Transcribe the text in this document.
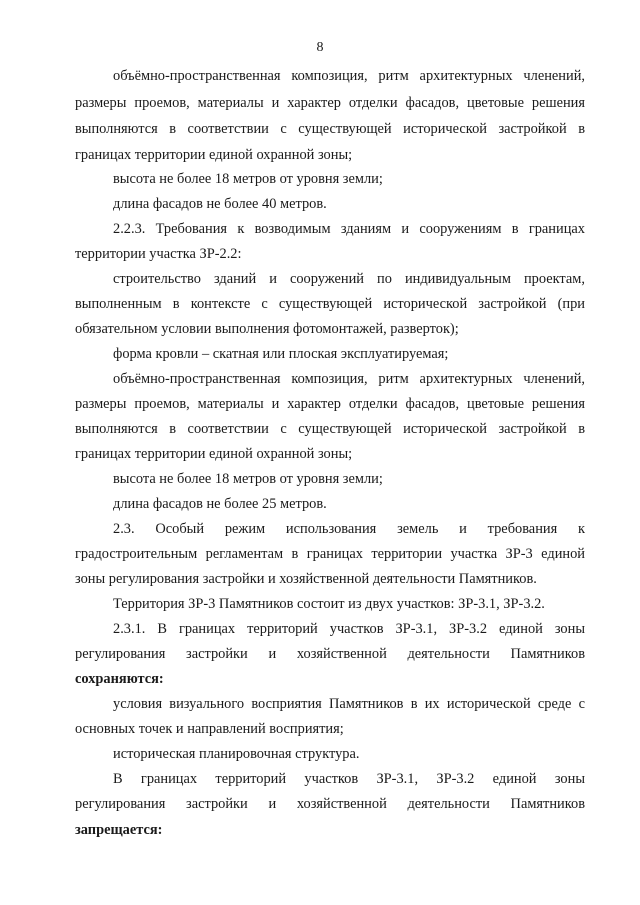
8
объёмно-пространственная композиция, ритм архитектурных членений,
размеры проемов, материалы и характер отделки фасадов, цветовые решения
выполняются в соответствии с существующей исторической застройкой в
границах территории единой охранной зоны;
высота не более 18 метров от уровня земли;
длина фасадов не более 40 метров.
2.2.3. Требования к возводимым зданиям и сооружениям в границах
территории участка ЗР-2.2:
строительство зданий и сооружений по индивидуальным проектам,
выполненным в контексте с существующей исторической застройкой (при
обязательном условии выполнения фотомонтажей, разверток);
форма кровли – скатная или плоская эксплуатируемая;
объёмно-пространственная композиция, ритм архитектурных членений,
размеры проемов, материалы и характер отделки фасадов, цветовые решения
выполняются в соответствии с существующей исторической застройкой в
границах территории единой охранной зоны;
высота не более 18 метров от уровня земли;
длина фасадов не более 25 метров.
2.3. Особый режим использования земель и требования к
градостроительным регламентам в границах территории участка ЗР-3 единой
зоны регулирования застройки и хозяйственной деятельности Памятников.
Территория ЗР-3 Памятников состоит из двух участков: ЗР-3.1, ЗР-3.2.
2.3.1. В границах территорий участков ЗР-3.1, ЗР-3.2 единой зоны
регулирования застройки и хозяйственной деятельности Памятников
сохраняются:
условия визуального восприятия Памятников в их исторической среде с
основных точек и направлений восприятия;
историческая планировочная структура.
В границах территорий участков ЗР-3.1, ЗР-3.2 единой зоны
регулирования застройки и хозяйственной деятельности Памятников
запрещается:
